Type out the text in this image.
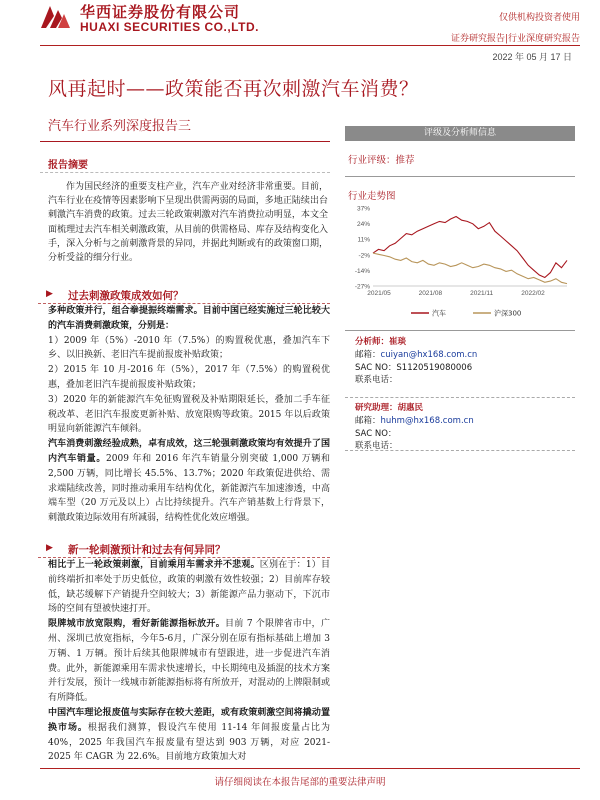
华西证券股份有限公司
HUAXI SECURITIES CO.,LTD.
仅供机构投资者使用
证券研究报告|行业深度研究报告
2022 年 05 月 17 日
风再起时——政策能否再次刺激汽车消费？
汽车行业系列深度报告三
报告摘要
作为国民经济的重要支柱产业，汽车产业对经济非常重要。目前，汽车行业在疫情等因素影响下呈现出供需两弱的局面，多地正陆续出台刺激汽车消费的政策。过去三轮政策刺激对汽车消费拉动明显，本文全面梳理过去汽车相关刺激政策，从目前的供需格局、库存及结构变化入手，深入分析与之前刺激背景的异同，并据此判断或有的政策窗口期，分析受益的细分行业。
▶ 过去刺激政策成效如何？

多种政策并行，组合拳提振终端需求。目前中国已经实施过三轮比较大的汽车消费刺激政策，分别是：

1）2009 年（5%）-2010 年（7.5%）的购置税优惠，叠加汽车下乡、以旧换新、老旧汽车提前报废补贴政策；

2）2015 年 10 月-2016 年（5%），2017 年（7.5%）的购置税优惠，叠加老旧汽车提前报废补贴政策；

3）2020 年的新能源汽车免征购置税及补贴期限延长，叠加二手车征税改革、老旧汽车报废更新补贴、放宽限购等政策。2015 年以后政策明显向新能源汽车倾斜。

汽车消费刺激经验成熟，卓有成效，这三轮强刺激政策均有效提升了国内汽车销量。2009 年和 2016 年汽车销量分别突破 1,000 万辆和 2,500 万辆，同比增长 45.5%、13.7%；2020 年政策促进供给、需求端陆续改善，同时推动乘用车结构优化，新能源汽车加速渗透，中高端车型（20 万元及以上）占比持续提升。汽车产销基数上行背景下，刺激政策边际效用有所减弱，结构性优化效应增强。

▶ 新一轮刺激预计和过去有何异同？

相比于上一轮政策刺激，目前乘用车需求并不悲观。区别在于：1）目前终端折扣率处于历史低位，政策的刺激有效性较强；2）目前库存较低，缺芯缓解下产销提升空间较大；3）新能源产品力驱动下，下沉市场的空间有望被快速打开。

限牌城市放宽限购，看好新能源指标放开。目前 7 个限牌省市中，广州、深圳已放宽指标，今年5-6月，广深分别在原有指标基础上增加 3 万辆、1 万辆。预计后续其他限牌城市有望跟进，进一步促进汽车消费。此外，新能源乘用车需求快速增长，中长期纯电及插混的技术方案并行发展，预计一线城市新能源指标将有所放开，对混动的上牌限制或有所降低。

中国汽车理论报废值与实际存在较大差距，或有政策刺激空间将撬动置换市场。根据我们测算，假设汽车使用 11-14 年间报废量占比为 40%，2025 年我国汽车报废量有望达到 903 万辆，对应 2021-2025 年 CAGR 为 22.6%。目前地方政策加大对

评级及分析师信息
行业评级：推荐
行业走势图
37%
24%
11%
-2%
-14%
-27%
2021/05	2021/08	2021/11	2022/02
汽车	沪深300
分析师：崔琰
邮箱：cuiyan@hx168.com.cn
SAC NO：S1120519080006
联系电话：
研究助理：胡惠民
邮箱：huhm@hx168.com.cn
SAC NO：
联系电话：
请仔细阅读在本报告尾部的重要法律声明
